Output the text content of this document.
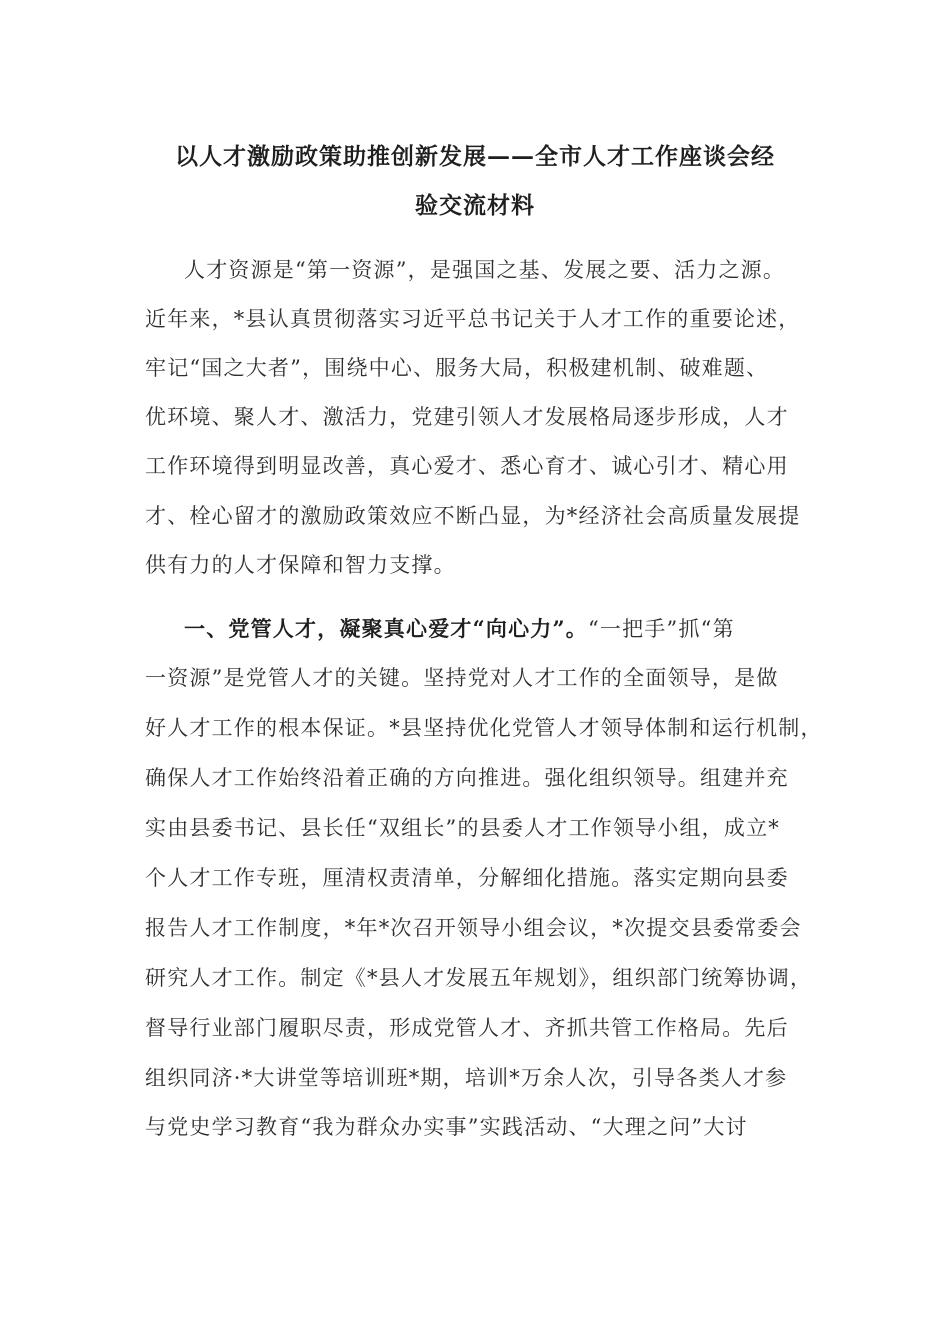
以人才激励政策助推创新发展——全市人才工作座谈会经
验交流材料
人才资源是“第一资源”，是强国之基、发展之要、活力之源。
近年来，*县认真贯彻落实习近平总书记关于人才工作的重要论述，
牢记“国之大者”，围绕中心、服务大局，积极建机制、破难题、
优环境、聚人才、激活力，党建引领人才发展格局逐步形成，人才
工作环境得到明显改善，真心爱才、悉心育才、诚心引才、精心用
才、栓心留才的激励政策效应不断凸显，为*经济社会高质量发展提
供有力的人才保障和智力支撑。
一、党管人才，凝聚真心爱才“向心力”。“一把手”抓“第
一资源”是党管人才的关键。坚持党对人才工作的全面领导，是做
好人才工作的根本保证。*县坚持优化党管人才领导体制和运行机制，
确保人才工作始终沿着正确的方向推进。强化组织领导。组建并充
实由县委书记、县长任“双组长”的县委人才工作领导小组，成立*
个人才工作专班，厘清权责清单，分解细化措施。落实定期向县委
报告人才工作制度，*年*次召开领导小组会议，*次提交县委常委会
研究人才工作。制定《*县人才发展五年规划》，组织部门统筹协调，
督导行业部门履职尽责，形成党管人才、齐抓共管工作格局。先后
组织同济·*大讲堂等培训班*期，培训*万余人次，引导各类人才参
与党史学习教育“我为群众办实事”实践活动、“大理之问”大讨
